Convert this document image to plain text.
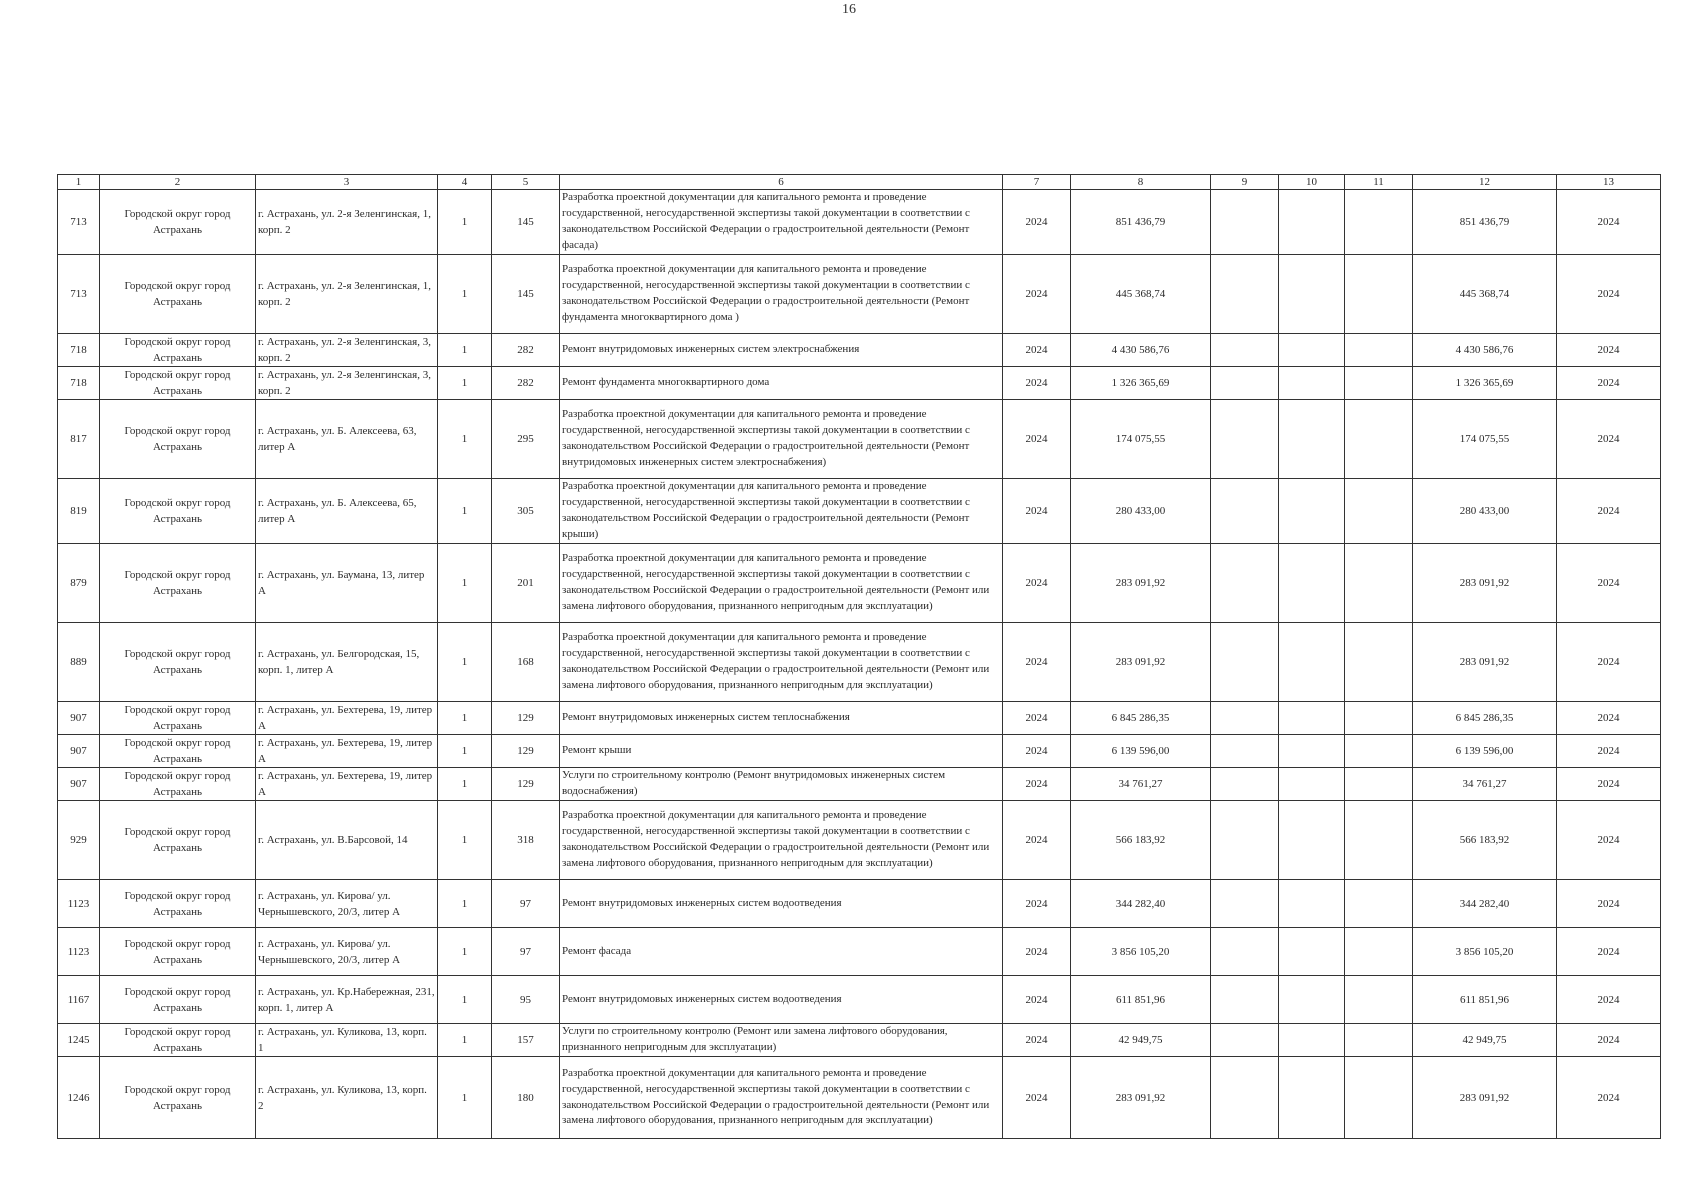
16
1	2	3	4	5	6	7	8	9	10	11	12	13
713	Городской округ город Астрахань	г. Астрахань, ул. 2-я Зеленгинская, 1, корп. 2	1	145	Разработка проектной документации для капитального ремонта и проведение государственной, негосударственной экспертизы такой документации в соответствии с законодательством Российской Федерации о градостроительной деятельности (Ремонт фасада)	2024	851 436,79				851 436,79	2024
713	Городской округ город Астрахань	г. Астрахань, ул. 2-я Зеленгинская, 1, корп. 2	1	145	Разработка проектной документации для капитального ремонта и проведение государственной, негосударственной экспертизы такой документации в соответствии с законодательством Российской Федерации о градостроительной деятельности (Ремонт фундамента многоквартирного дома )	2024	445 368,74				445 368,74	2024
718	Городской округ город Астрахань	г. Астрахань, ул. 2-я Зеленгинская, 3, корп. 2	1	282	Ремонт внутридомовых инженерных систем электроснабжения	2024	4 430 586,76				4 430 586,76	2024
718	Городской округ город Астрахань	г. Астрахань, ул. 2-я Зеленгинская, 3, корп. 2	1	282	Ремонт фундамента многоквартирного дома	2024	1 326 365,69				1 326 365,69	2024
817	Городской округ город Астрахань	г. Астрахань, ул. Б. Алексеева, 63, литер А	1	295	Разработка проектной документации для капитального ремонта и проведение государственной, негосударственной экспертизы такой документации в соответствии с законодательством Российской Федерации о градостроительной деятельности (Ремонт внутридомовых инженерных систем электроснабжения)	2024	174 075,55				174 075,55	2024
819	Городской округ город Астрахань	г. Астрахань, ул. Б. Алексеева, 65, литер А	1	305	Разработка проектной документации для капитального ремонта и проведение государственной, негосударственной экспертизы такой документации в соответствии с законодательством Российской Федерации о градостроительной деятельности (Ремонт крыши)	2024	280 433,00				280 433,00	2024
879	Городской округ город Астрахань	г. Астрахань, ул. Баумана, 13, литер А	1	201	Разработка проектной документации для капитального ремонта и проведение государственной, негосударственной экспертизы такой документации в соответствии с законодательством Российской Федерации о градостроительной деятельности (Ремонт или замена лифтового оборудования, признанного непригодным для эксплуатации)	2024	283 091,92				283 091,92	2024
889	Городской округ город Астрахань	г. Астрахань, ул. Белгородская, 15, корп. 1, литер А	1	168	Разработка проектной документации для капитального ремонта и проведение государственной, негосударственной экспертизы такой документации в соответствии с законодательством Российской Федерации о градостроительной деятельности (Ремонт или замена лифтового оборудования, признанного непригодным для эксплуатации)	2024	283 091,92				283 091,92	2024
907	Городской округ город Астрахань	г. Астрахань, ул. Бехтерева, 19, литер А	1	129	Ремонт внутридомовых инженерных систем теплоснабжения	2024	6 845 286,35				6 845 286,35	2024
907	Городской округ город Астрахань	г. Астрахань, ул. Бехтерева, 19, литер А	1	129	Ремонт крыши	2024	6 139 596,00				6 139 596,00	2024
907	Городской округ город Астрахань	г. Астрахань, ул. Бехтерева, 19, литер А	1	129	Услуги по строительному контролю (Ремонт внутридомовых инженерных систем водоснабжения)	2024	34 761,27				34 761,27	2024
929	Городской округ город Астрахань	г. Астрахань, ул. В.Барсовой, 14	1	318	Разработка проектной документации для капитального ремонта и проведение государственной, негосударственной экспертизы такой документации в соответствии с законодательством Российской Федерации о градостроительной деятельности (Ремонт или замена лифтового оборудования, признанного непригодным для эксплуатации)	2024	566 183,92				566 183,92	2024
1123	Городской округ город Астрахань	г. Астрахань, ул. Кирова/ ул. Чернышевского, 20/3, литер А	1	97	Ремонт внутридомовых инженерных систем водоотведения	2024	344 282,40				344 282,40	2024
1123	Городской округ город Астрахань	г. Астрахань, ул. Кирова/ ул. Чернышевского, 20/3, литер А	1	97	Ремонт фасада	2024	3 856 105,20				3 856 105,20	2024
1167	Городской округ город Астрахань	г. Астрахань, ул. Кр.Набережная, 231, корп. 1, литер А	1	95	Ремонт внутридомовых инженерных систем водоотведения	2024	611 851,96				611 851,96	2024
1245	Городской округ город Астрахань	г. Астрахань, ул. Куликова, 13, корп. 1	1	157	Услуги по строительному контролю (Ремонт или замена лифтового оборудования, признанного непригодным для эксплуатации)	2024	42 949,75				42 949,75	2024
1246	Городской округ город Астрахань	г. Астрахань, ул. Куликова, 13, корп. 2	1	180	Разработка проектной документации для капитального ремонта и проведение государственной, негосударственной экспертизы такой документации в соответствии с законодательством Российской Федерации о градостроительной деятельности (Ремонт или замена лифтового оборудования, признанного непригодным для эксплуатации)	2024	283 091,92				283 091,92	2024
